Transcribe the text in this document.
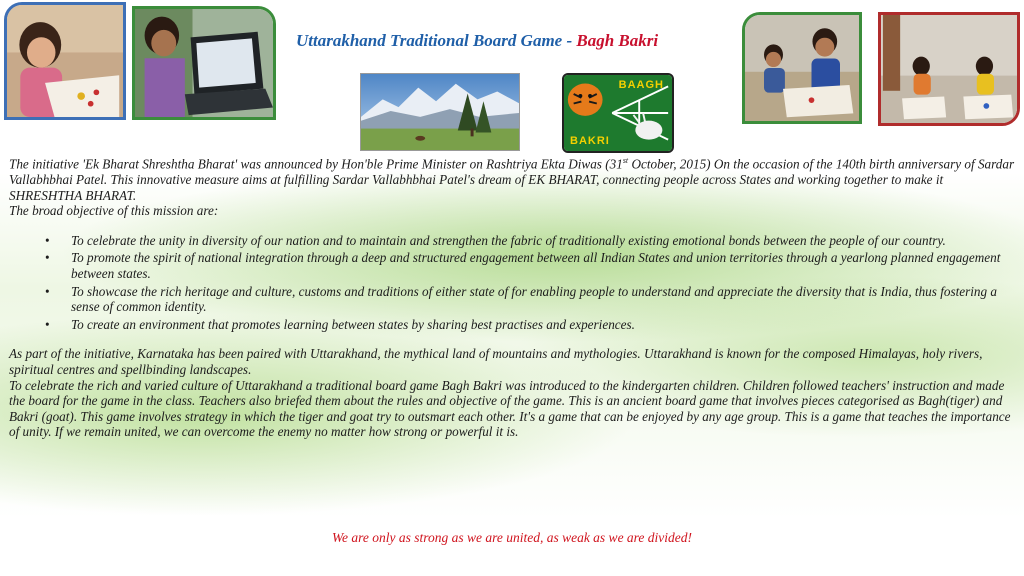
Uttarakhand Traditional Board Game - Bagh Bakri
BAAGH
BAKRI

The initiative 'Ek Bharat Shreshtha Bharat' was announced by Hon'ble Prime Minister on Rashtriya Ekta Diwas (31st October, 2015) On the occasion of the 140th birth anniversary of Sardar Vallabhbhai Patel. This innovative measure aims at fulfilling Sardar Vallabhbhai Patel's dream of EK BHARAT, connecting people across States and working together to make it SHRESHTHA BHARAT.

The broad objective of this mission are:

• To celebrate the unity in diversity of our nation and to maintain and strengthen the fabric of traditionally existing emotional bonds between the people of our country.
• To promote the spirit of national integration through a deep and structured engagement between all Indian States and union territories through a yearlong planned engagement between states.
• To showcase the rich heritage and culture, customs and traditions of either state of for enabling people to understand and appreciate the diversity that is India, thus fostering a sense of common identity.
• To create an environment that promotes learning between states by sharing best practises and experiences.

As part of the initiative, Karnataka has been paired with Uttarakhand, the mythical land of mountains and mythologies. Uttarakhand is known for the composed Himalayas, holy rivers, spiritual centres and spellbinding landscapes.

To celebrate the rich and varied culture of Uttarakhand a traditional board game Bagh Bakri was introduced to the kindergarten children. Children followed teachers' instruction and made the board for the game in the class. Teachers also briefed them about the rules and objective of the game. This is an ancient board game that involves pieces categorised as Bagh(tiger) and Bakri (goat). This game involves strategy in which the tiger and goat try to outsmart each other. It's a game that can be enjoyed by any age group. This is a game that teaches the importance of unity. If we remain united, we can overcome the enemy no matter how strong or powerful it is.

We are only as strong as we are united, as weak as we are divided!
